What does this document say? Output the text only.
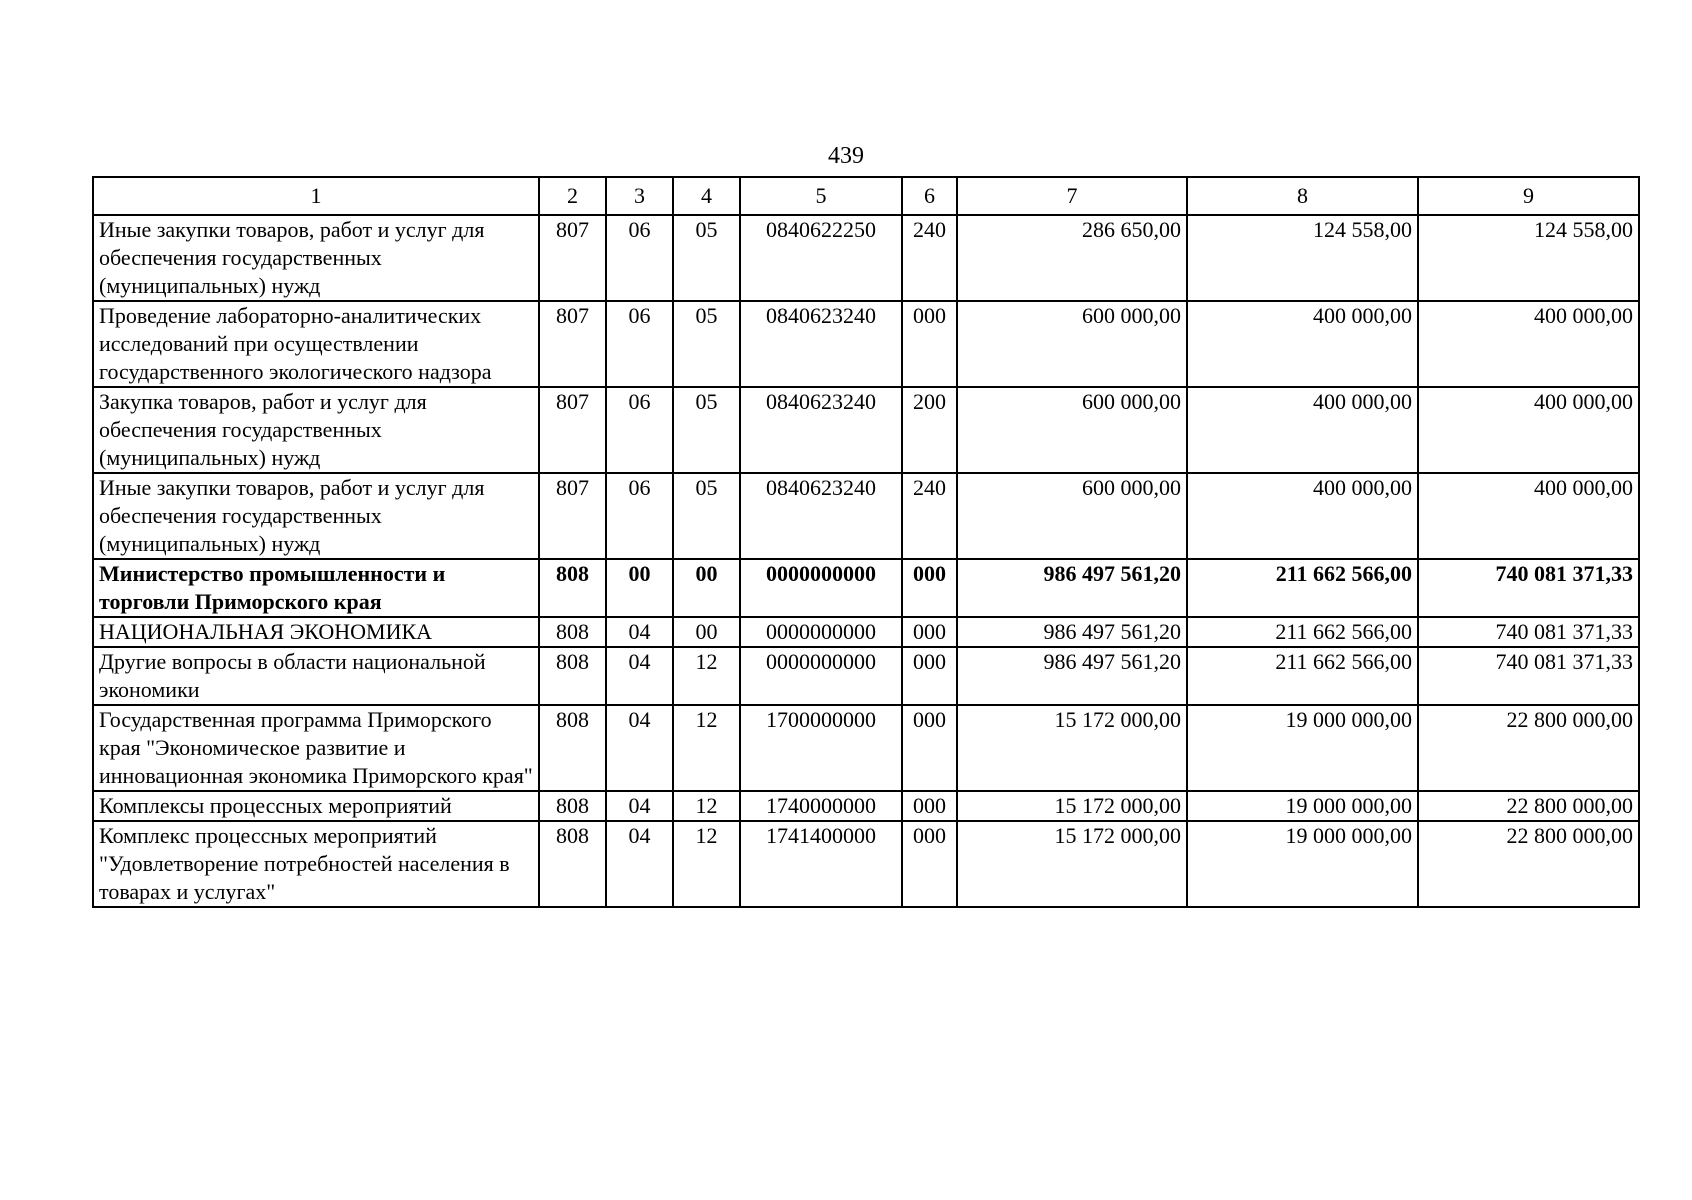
439
1	2	3	4	5	6	7	8	9
Иные закупки товаров, работ и услуг для обеспечения государственных (муниципальных) нужд	807	06	05	0840622250	240	286 650,00	124 558,00	124 558,00
Проведение лабораторно-аналитических исследований при осуществлении государственного экологического надзора	807	06	05	0840623240	000	600 000,00	400 000,00	400 000,00
Закупка товаров, работ и услуг для обеспечения государственных (муниципальных) нужд	807	06	05	0840623240	200	600 000,00	400 000,00	400 000,00
Иные закупки товаров, работ и услуг для обеспечения государственных (муниципальных) нужд	807	06	05	0840623240	240	600 000,00	400 000,00	400 000,00
Министерство промышленности и торговли Приморского края	808	00	00	0000000000	000	986 497 561,20	211 662 566,00	740 081 371,33
НАЦИОНАЛЬНАЯ ЭКОНОМИКА	808	04	00	0000000000	000	986 497 561,20	211 662 566,00	740 081 371,33
Другие вопросы в области национальной экономики	808	04	12	0000000000	000	986 497 561,20	211 662 566,00	740 081 371,33
Государственная программа Приморского края "Экономическое развитие и инновационная экономика Приморского края"	808	04	12	1700000000	000	15 172 000,00	19 000 000,00	22 800 000,00
Комплексы процессных мероприятий	808	04	12	1740000000	000	15 172 000,00	19 000 000,00	22 800 000,00
Комплекс процессных мероприятий "Удовлетворение потребностей населения в товарах и услугах"	808	04	12	1741400000	000	15 172 000,00	19 000 000,00	22 800 000,00
